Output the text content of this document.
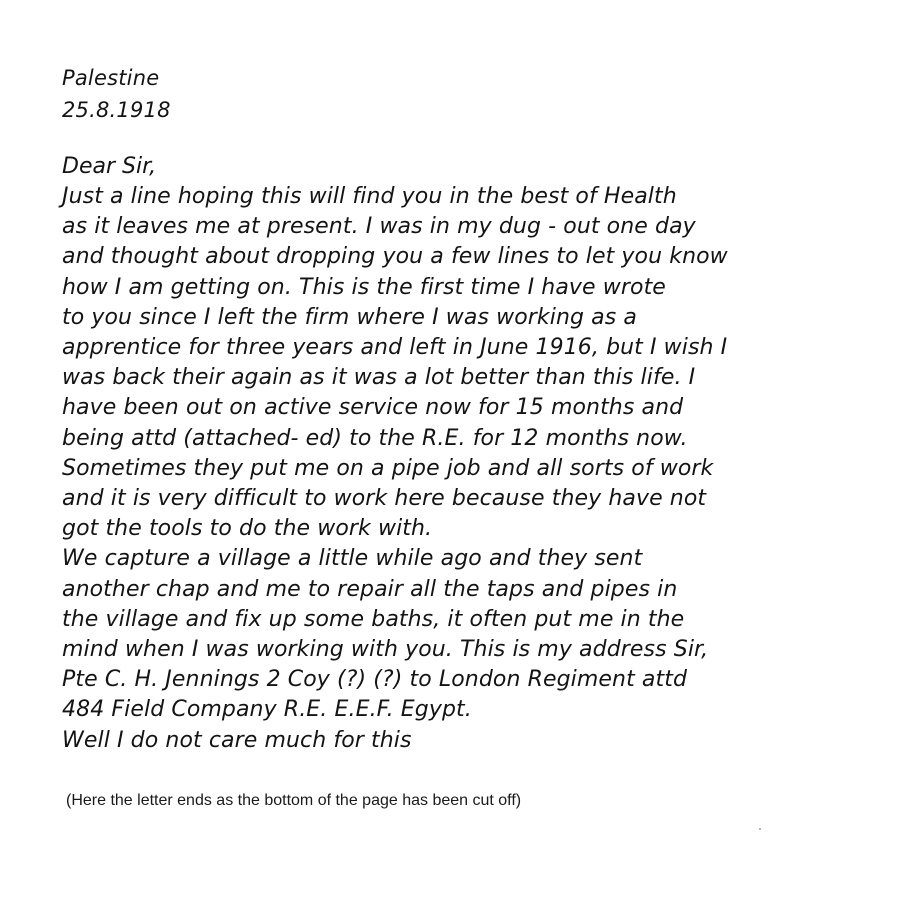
Palestine
25.8.1918
Dear Sir,
Just a line hoping this will find you in the best of Health
as it leaves me at present. I was in my dug - out one day
and thought about dropping you a few lines to let you know
how I am getting on. This is the first time I have wrote
to you since I left the firm where I was working as a
apprentice for three years and left in June 1916, but I wish I
was back their again as it was a lot better than this life. I
have been out on active service now for 15 months and
being attd (attached- ed) to the R.E. for 12 months now.
Sometimes they put me on a pipe job and all sorts of work
and it is very difficult to work here because they have not
got the tools to do the work with.
We capture a village a little while ago and they sent
another chap and me to repair all the taps and pipes in
the village and fix up some baths, it often put me in the
mind when I was working with you. This is my address Sir,
Pte C. H. Jennings 2 Coy (?) (?) to London Regiment attd
484 Field Company R.E. E.E.F. Egypt.
Well I do not care much for this
(Here the letter ends as the bottom of the page has been cut off)
